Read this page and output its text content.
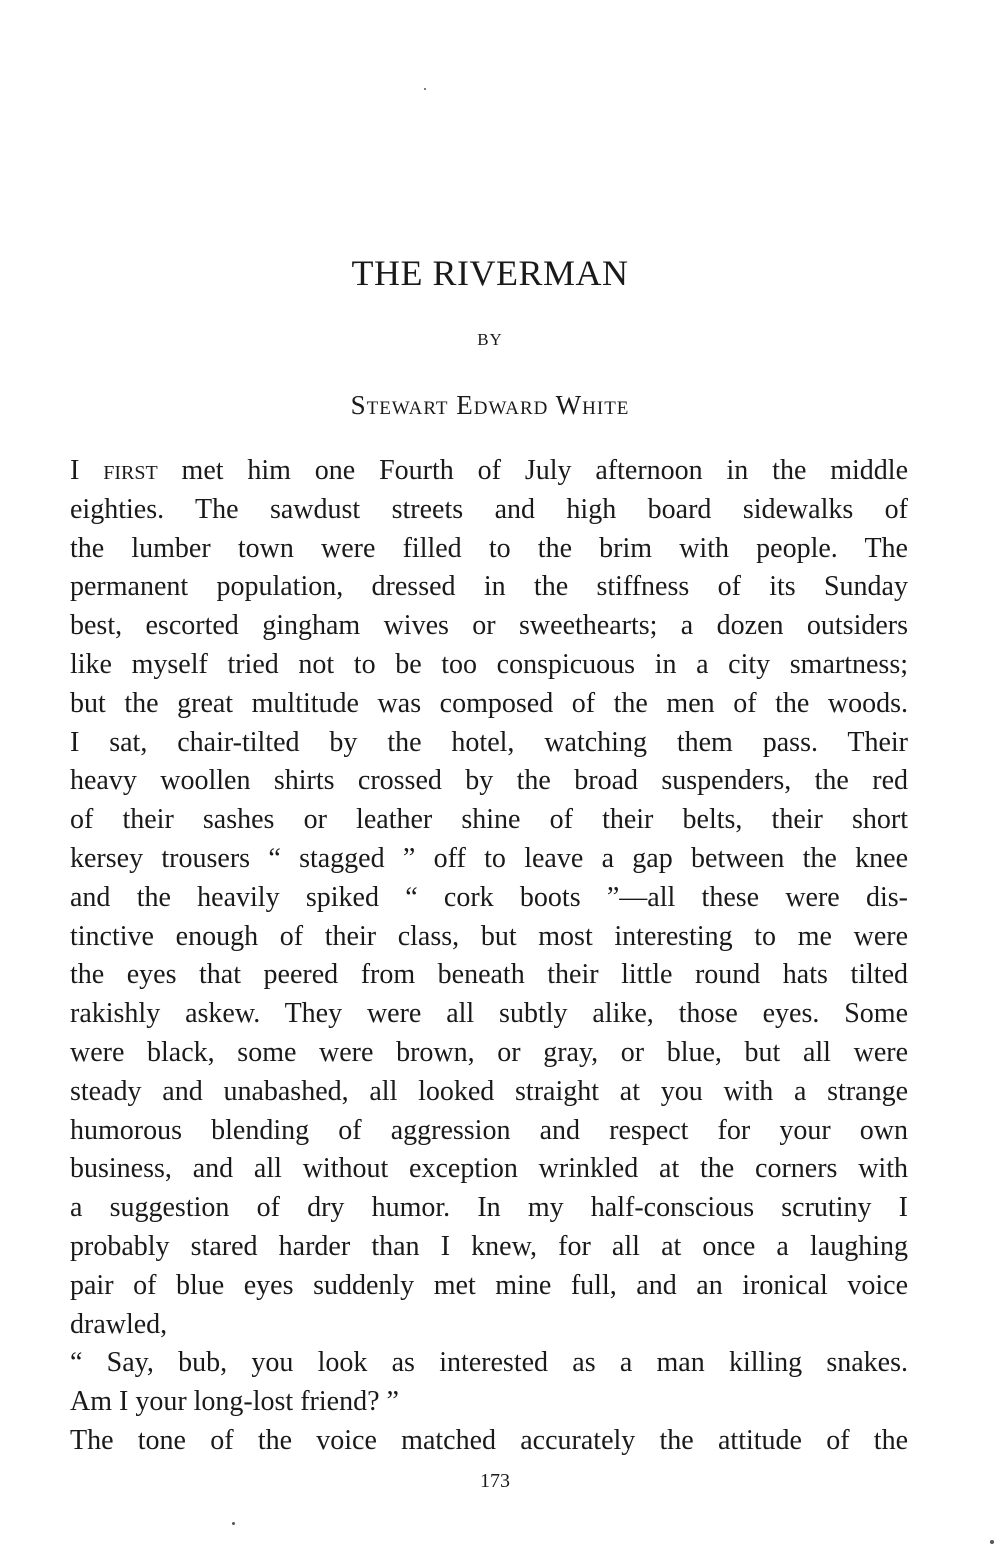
THE RIVERMAN
BY
Stewart Edward White
I first met him one Fourth of July afternoon in the middle
eighties. The sawdust streets and high board sidewalks of
the lumber town were filled to the brim with people. The
permanent population, dressed in the stiffness of its Sunday
best, escorted gingham wives or sweethearts; a dozen outsiders
like myself tried not to be too conspicuous in a city smartness;
but the great multitude was composed of the men of the woods.
I sat, chair-tilted by the hotel, watching them pass. Their
heavy woollen shirts crossed by the broad suspenders, the red
of their sashes or leather shine of their belts, their short
kersey trousers “ stagged ” off to leave a gap between the knee
and the heavily spiked “ cork boots ”—all these were dis-
tinctive enough of their class, but most interesting to me were
the eyes that peered from beneath their little round hats tilted
rakishly askew. They were all subtly alike, those eyes. Some
were black, some were brown, or gray, or blue, but all were
steady and unabashed, all looked straight at you with a strange
humorous blending of aggression and respect for your own
business, and all without exception wrinkled at the corners with
a suggestion of dry humor. In my half-conscious scrutiny I
probably stared harder than I knew, for all at once a laughing
pair of blue eyes suddenly met mine full, and an ironical voice
drawled,
“ Say, bub, you look as interested as a man killing snakes.
Am I your long-lost friend? ”
The tone of the voice matched accurately the attitude of the
173
